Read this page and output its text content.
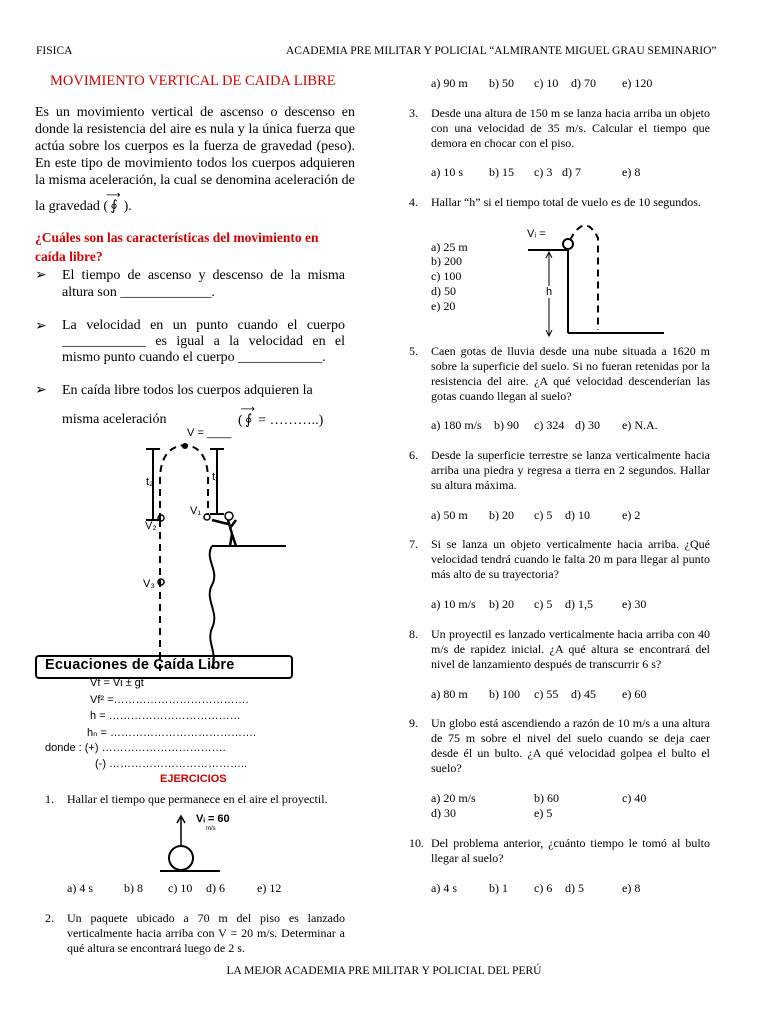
FISICA	ACADEMIA PRE MILITAR Y POLICIAL “ALMIRANTE MIGUEL GRAU SEMINARIO”
MOVIMIENTO VERTICAL DE CAIDA LIBRE
Es un movimiento vertical de ascenso o descenso en donde la resistencia del aire es nula y la única fuerza que actúa sobre los cuerpos es la fuerza de gravedad (peso). En este tipo de movimiento todos los cuerpos adquieren la misma aceleración, la cual se denomina aceleración de
la gravedad ( ∮
⟶
).
¿Cuáles son las características del movimiento en caída libre?
➢ El tiempo de ascenso y descenso de la misma altura son _____________.
➢ La velocidad en un punto cuando el cuerpo ____________ es igual a la velocidad en el mismo punto cuando el cuerpo ____________.
➢ En caída libre todos los cuerpos adquieren la
misma aceleración	( ∮
⟶
= ………..)
V = ____
t₂	t₁
V₁
V₂
V₃
Ecuaciones de Caída Libre
Vf = Vi ± gt
Vf² =……………………………….
h = ………………………………
hₙ = ………………………………….
donde : (+) …………………………….
(-) ………………………………..
EJERCICIOS
1. Hallar el tiempo que permanece en el aire el proyectil.
Vᵢ = 60
m/s
a) 4 s	b) 8 c) 10 d) 6	e) 12
2. Un paquete ubicado a 70 m del piso es lanzado verticalmente hacia arriba con V = 20 m/s. Determinar a qué altura se encontrará luego de 2 s.
a) 90 m b) 50 c) 10 d) 70 e) 120
3. Desde una altura de 150 m se lanza hacia arriba un objeto con una velocidad de 35 m/s. Calcular el tiempo que demora en chocar con el piso.
a) 10 s b) 15 c) 3 d) 7	e) 8
4. Hallar “h” si el tiempo total de vuelo es de 10 segundos.
a) 25 m
b) 200
c) 100
d) 50
e) 20
Vᵢ =
h
5. Caen gotas de lluvia desde una nube situada a 1620 m sobre la superficie del suelo. Si no fueran retenidas por la resistencia del aire. ¿A qué velocidad descenderían las gotas cuando llegan al suelo?
a) 180 m/s b) 90 c) 324 d) 30 e) N.A.
6. Desde la superficie terrestre se lanza verticalmente hacia arriba una piedra y regresa a tierra en 2 segundos. Hallar su altura máxima.
a) 50 m b) 20 c) 5 d) 10	e) 2
7. Si se lanza un objeto verticalmente hacia arriba. ¿Qué velocidad tendrá cuando le falta 20 m para llegar al punto más alto de su trayectoria?
a) 10 m/s b) 20 c) 5 d) 1,5 e) 30
8. Un proyectil es lanzado verticalmente hacia arriba con 40 m/s de rapidez inicial. ¿A qué altura se encontrará del nivel de lanzamiento después de transcurrir 6 s?
a) 80 m b) 100 c) 55 d) 45 e) 60
9. Un globo está ascendiendo a razón de 10 m/s a una altura de 75 m sobre el nivel del suelo cuando se deja caer desde él un bulto. ¿A qué velocidad golpea el bulto el suelo?
a) 20 m/s	b) 60	c) 40
d) 30	e) 5
10. Del problema anterior, ¿cuánto tiempo le tomó al bulto llegar al suelo?
a) 4 s	b) 1 c) 6 d) 5	e) 8
LA MEJOR ACADEMIA PRE MILITAR Y POLICIAL DEL PERÚ
